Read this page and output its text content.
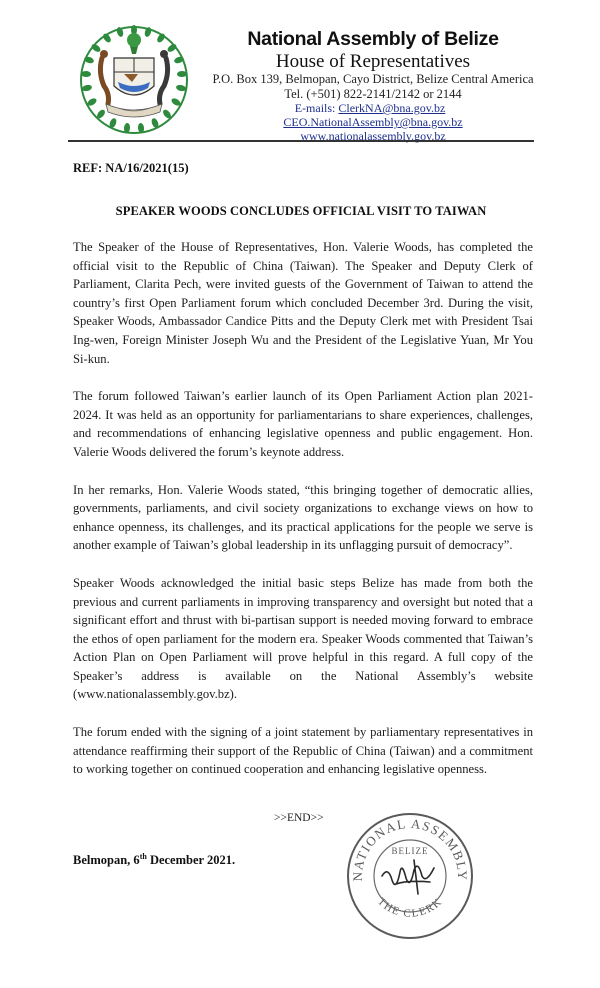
National Assembly of Belize
House of Representatives
P.O. Box 139, Belmopan, Cayo District, Belize Central America
Tel. (+501) 822-2141/2142 or 2144
E-mails: ClerkNA@bna.gov.bz   CEO.NationalAssembly@bna.gov.bz
www.nationalassembly.gov.bz
REF: NA/16/2021(15)
SPEAKER WOODS CONCLUDES OFFICIAL VISIT TO TAIWAN

The Speaker of the House of Representatives, Hon. Valerie Woods, has completed the official visit to the Republic of China (Taiwan). The Speaker and Deputy Clerk of Parliament, Clarita Pech, were invited guests of the Government of Taiwan to attend the country’s first Open Parliament forum which concluded December 3rd. During the visit, Speaker Woods, Ambassador Candice Pitts and the Deputy Clerk met with President Tsai Ing-wen, Foreign Minister Joseph Wu and the President of the Legislative Yuan, Mr You Si-kun.

The forum followed Taiwan’s earlier launch of its Open Parliament Action plan 2021-2024. It was held as an opportunity for parliamentarians to share experiences, challenges, and recommendations of enhancing legislative openness and public engagement. Hon. Valerie Woods delivered the forum’s keynote address.

In her remarks, Hon. Valerie Woods stated, “this bringing together of democratic allies, governments, parliaments, and civil society organizations to exchange views on how to enhance openness, its challenges, and its practical applications for the people we serve is another example of Taiwan’s global leadership in its unflagging pursuit of democracy”.

Speaker Woods acknowledged the initial basic steps Belize has made from both the previous and current parliaments in improving transparency and oversight but noted that a significant effort and thrust with bi-partisan support is needed moving forward to embrace the ethos of open parliament for the modern era. Speaker Woods commented that Taiwan’s Action Plan on Open Parliament will prove helpful in this regard. A full copy of the Speaker’s address is available on the National Assembly’s website (www.nationalassembly.gov.bz).

The forum ended with the signing of a joint statement by parliamentary representatives in attendance reaffirming their support of the Republic of China (Taiwan) and a commitment to working together on continued cooperation and enhancing legislative openness.

>>END>>
Belmopan, 6th December 2021.
NATIONAL ASSEMBLY
BELIZE
THE CLERK
